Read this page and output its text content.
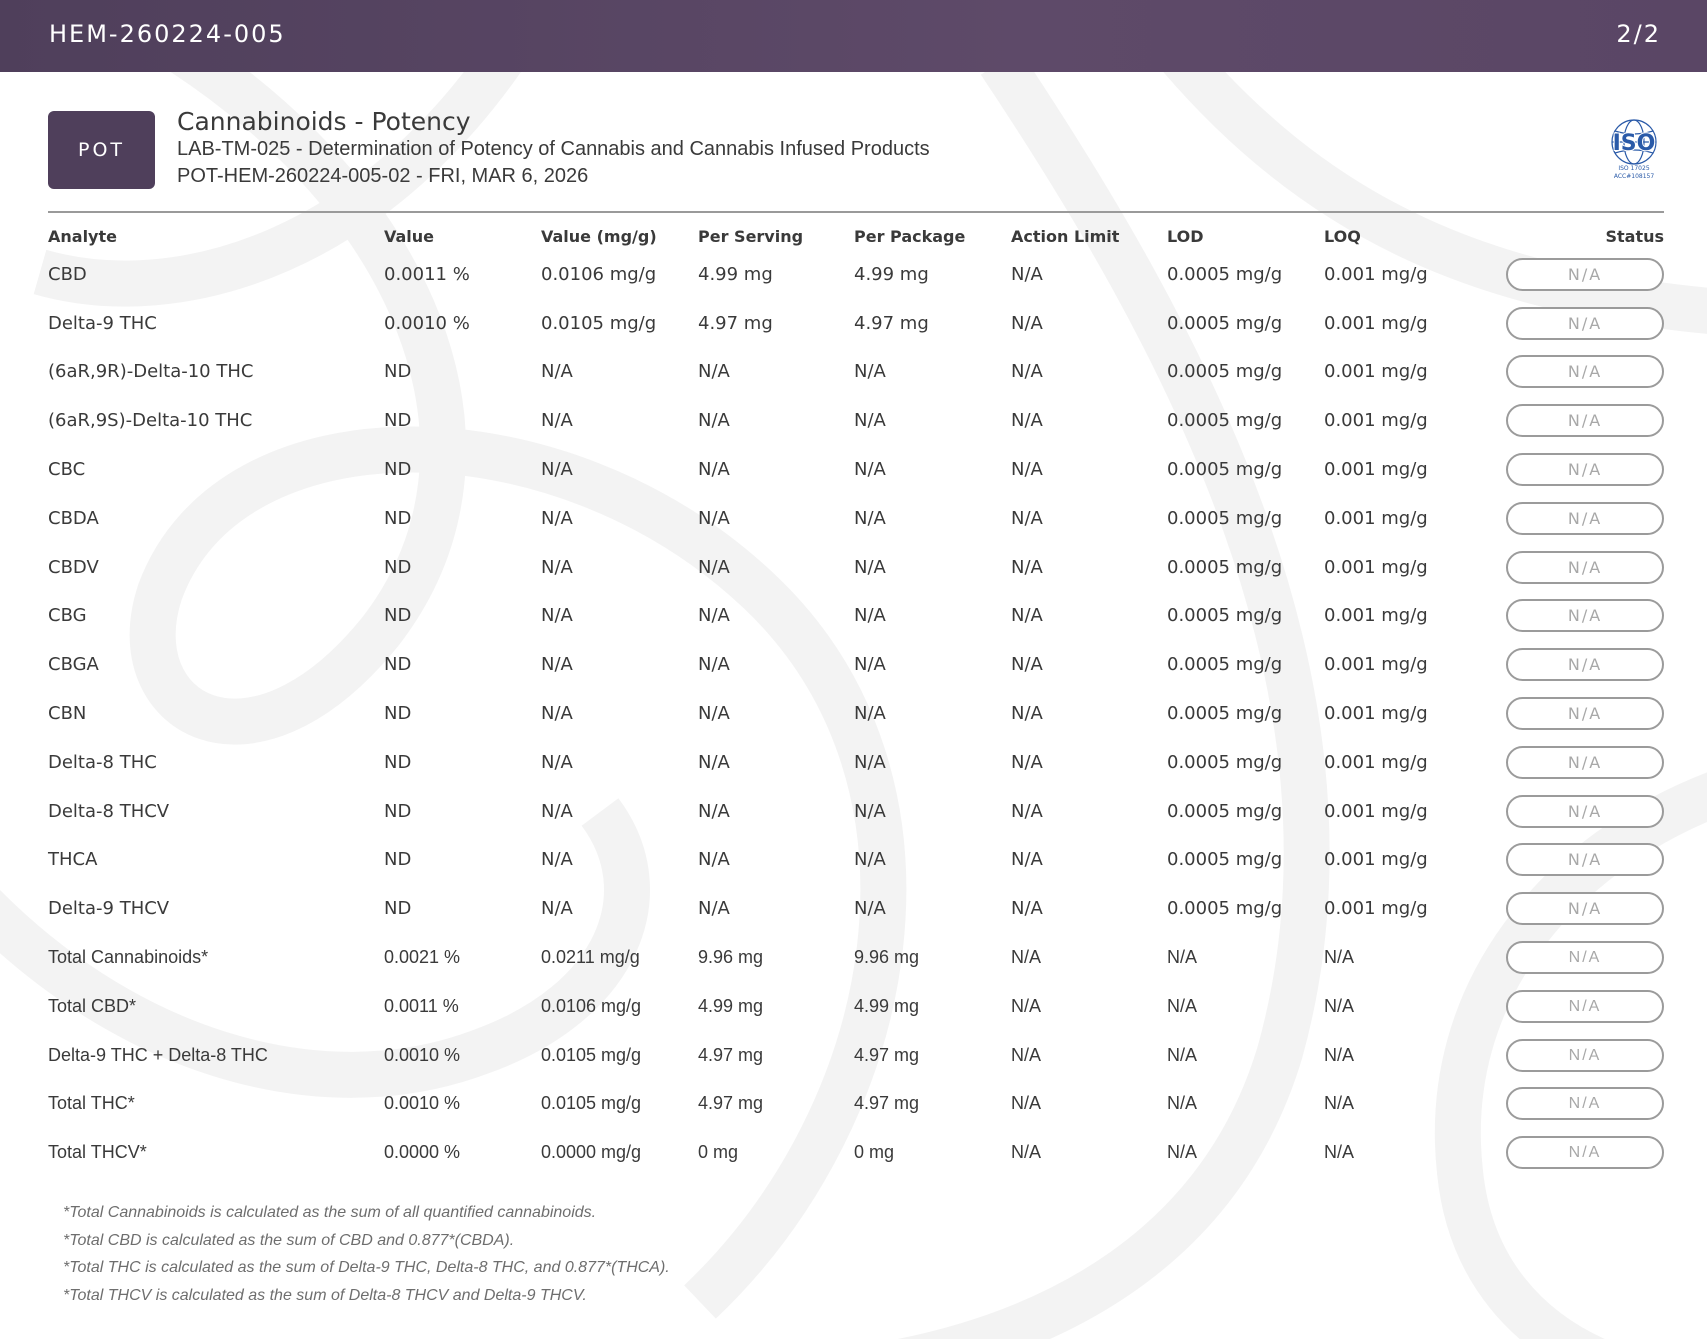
HEM-260224-005	2/2
POT
Cannabinoids - Potency
LAB-TM-025 - Determination of Potency of Cannabis and Cannabis Infused Products
POT-HEM-260224-005-02 - FRI, MAR 6, 2026
ISO
ISO 17025
ACC#108157
Analyte	Value	Value (mg/g)	Per Serving	Per Package	Action Limit	LOD	LOQ	Status
CBD	0.0011 %	0.0106 mg/g	4.99 mg	4.99 mg	N/A	0.0005 mg/g	0.001 mg/g	N/A
Delta-9 THC	0.0010 %	0.0105 mg/g	4.97 mg	4.97 mg	N/A	0.0005 mg/g	0.001 mg/g	N/A
(6aR,9R)-Delta-10 THC	ND	N/A	N/A	N/A	N/A	0.0005 mg/g	0.001 mg/g	N/A
(6aR,9S)-Delta-10 THC	ND	N/A	N/A	N/A	N/A	0.0005 mg/g	0.001 mg/g	N/A
CBC	ND	N/A	N/A	N/A	N/A	0.0005 mg/g	0.001 mg/g	N/A
CBDA	ND	N/A	N/A	N/A	N/A	0.0005 mg/g	0.001 mg/g	N/A
CBDV	ND	N/A	N/A	N/A	N/A	0.0005 mg/g	0.001 mg/g	N/A
CBG	ND	N/A	N/A	N/A	N/A	0.0005 mg/g	0.001 mg/g	N/A
CBGA	ND	N/A	N/A	N/A	N/A	0.0005 mg/g	0.001 mg/g	N/A
CBN	ND	N/A	N/A	N/A	N/A	0.0005 mg/g	0.001 mg/g	N/A
Delta-8 THC	ND	N/A	N/A	N/A	N/A	0.0005 mg/g	0.001 mg/g	N/A
Delta-8 THCV	ND	N/A	N/A	N/A	N/A	0.0005 mg/g	0.001 mg/g	N/A
THCA	ND	N/A	N/A	N/A	N/A	0.0005 mg/g	0.001 mg/g	N/A
Delta-9 THCV	ND	N/A	N/A	N/A	N/A	0.0005 mg/g	0.001 mg/g	N/A
Total Cannabinoids*	0.0021 %	0.0211 mg/g	9.96 mg	9.96 mg	N/A	N/A	N/A	N/A
Total CBD*	0.0011 %	0.0106 mg/g	4.99 mg	4.99 mg	N/A	N/A	N/A	N/A
Delta-9 THC + Delta-8 THC	0.0010 %	0.0105 mg/g	4.97 mg	4.97 mg	N/A	N/A	N/A	N/A
Total THC*	0.0010 %	0.0105 mg/g	4.97 mg	4.97 mg	N/A	N/A	N/A	N/A
Total THCV*	0.0000 %	0.0000 mg/g	0 mg	0 mg	N/A	N/A	N/A	N/A
*Total Cannabinoids is calculated as the sum of all quantified cannabinoids.
*Total CBD is calculated as the sum of CBD and 0.877*(CBDA).
*Total THC is calculated as the sum of Delta-9 THC, Delta-8 THC, and 0.877*(THCA).
*Total THCV is calculated as the sum of Delta-8 THCV and Delta-9 THCV.
